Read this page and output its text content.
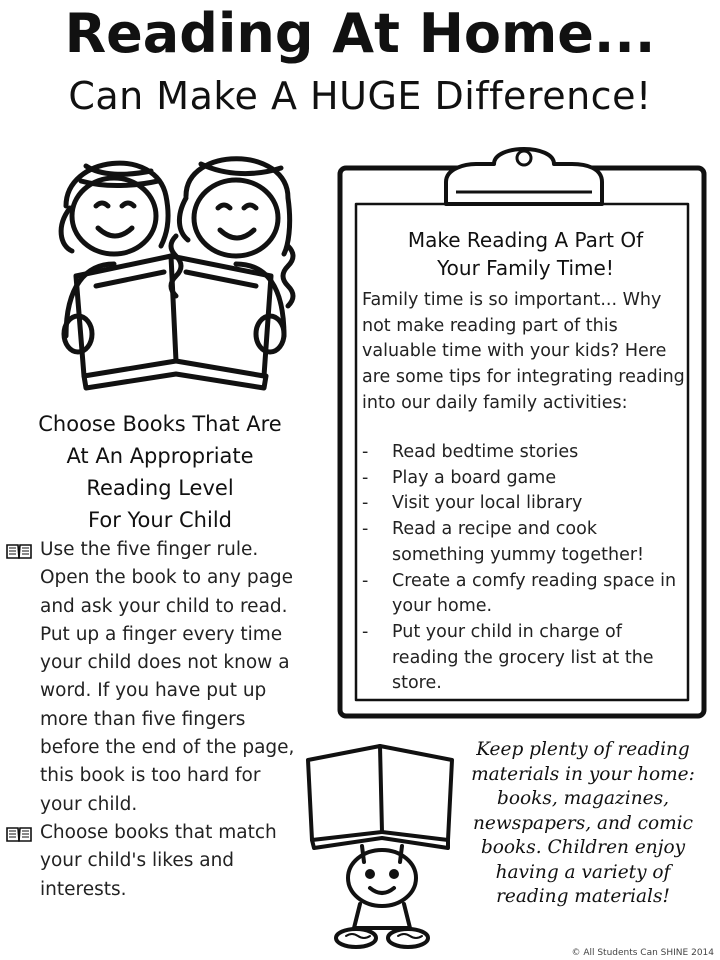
Reading At Home...
Can Make A HUGE Difference!
Make Reading A Part Of
Your Family Time!
Family time is so important... Why not make reading part of this valuable time with your kids? Here are some tips for integrating reading into our daily family activities:
- Read bedtime stories
- Play a board game
- Visit your local library
- Read a recipe and cook something yummy together!
- Create a comfy reading space in your home.
- Put your child in charge of reading the grocery list at the store.
Choose Books That Are
At An Appropriate
Reading Level
For Your Child
Use the five finger rule. Open the book to any page and ask your child to read. Put up a finger every time your child does not know a word. If you have put up more than five fingers before the end of the page, this book is too hard for your child.
Choose books that match your child's likes and interests.
Keep plenty of reading materials in your home: books, magazines, newspapers, and comic books. Children enjoy having a variety of reading materials!
© All Students Can SHINE 2014
